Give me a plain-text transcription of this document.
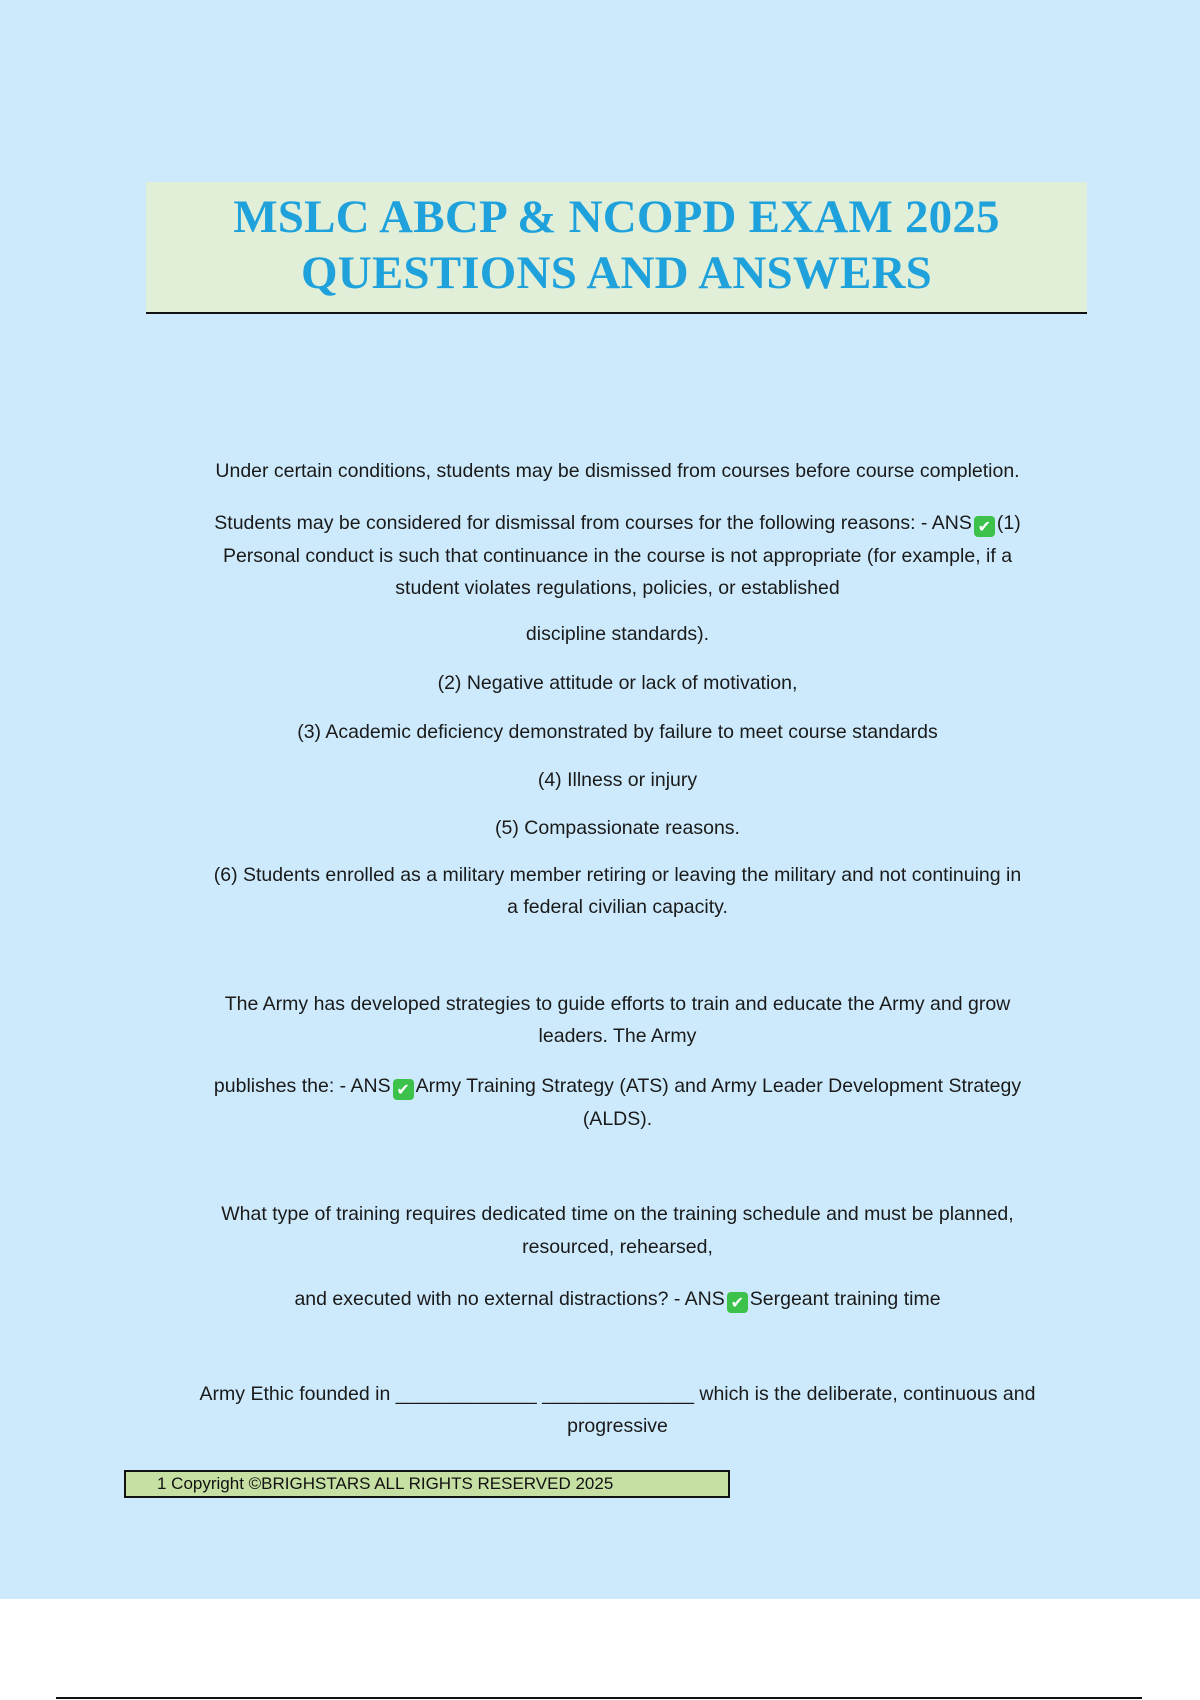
MSLC ABCP & NCOPD EXAM 2025
QUESTIONS AND ANSWERS
Under certain conditions, students may be dismissed from courses before course completion.
Students may be considered for dismissal from courses for the following reasons: - ANS ✔ (1)
Personal conduct is such that continuance in the course is not appropriate (for example, if a
student violates regulations, policies, or established
discipline standards).
(2) Negative attitude or lack of motivation,
(3) Academic deficiency demonstrated by failure to meet course standards
(4) Illness or injury
(5) Compassionate reasons.
(6) Students enrolled as a military member retiring or leaving the military and not continuing in
a federal civilian capacity.
The Army has developed strategies to guide efforts to train and educate the Army and grow
leaders. The Army
publishes the: - ANS ✔ Army Training Strategy (ATS) and Army Leader Development Strategy
(ALDS).
What type of training requires dedicated time on the training schedule and must be planned,
resourced, rehearsed,
and executed with no external distractions? - ANS ✔ Sergeant training time
Army Ethic founded in _____________ ______________ which is the deliberate, continuous and
progressive
1 Copyright ©BRIGHSTARS ALL RIGHTS RESERVED 2025
